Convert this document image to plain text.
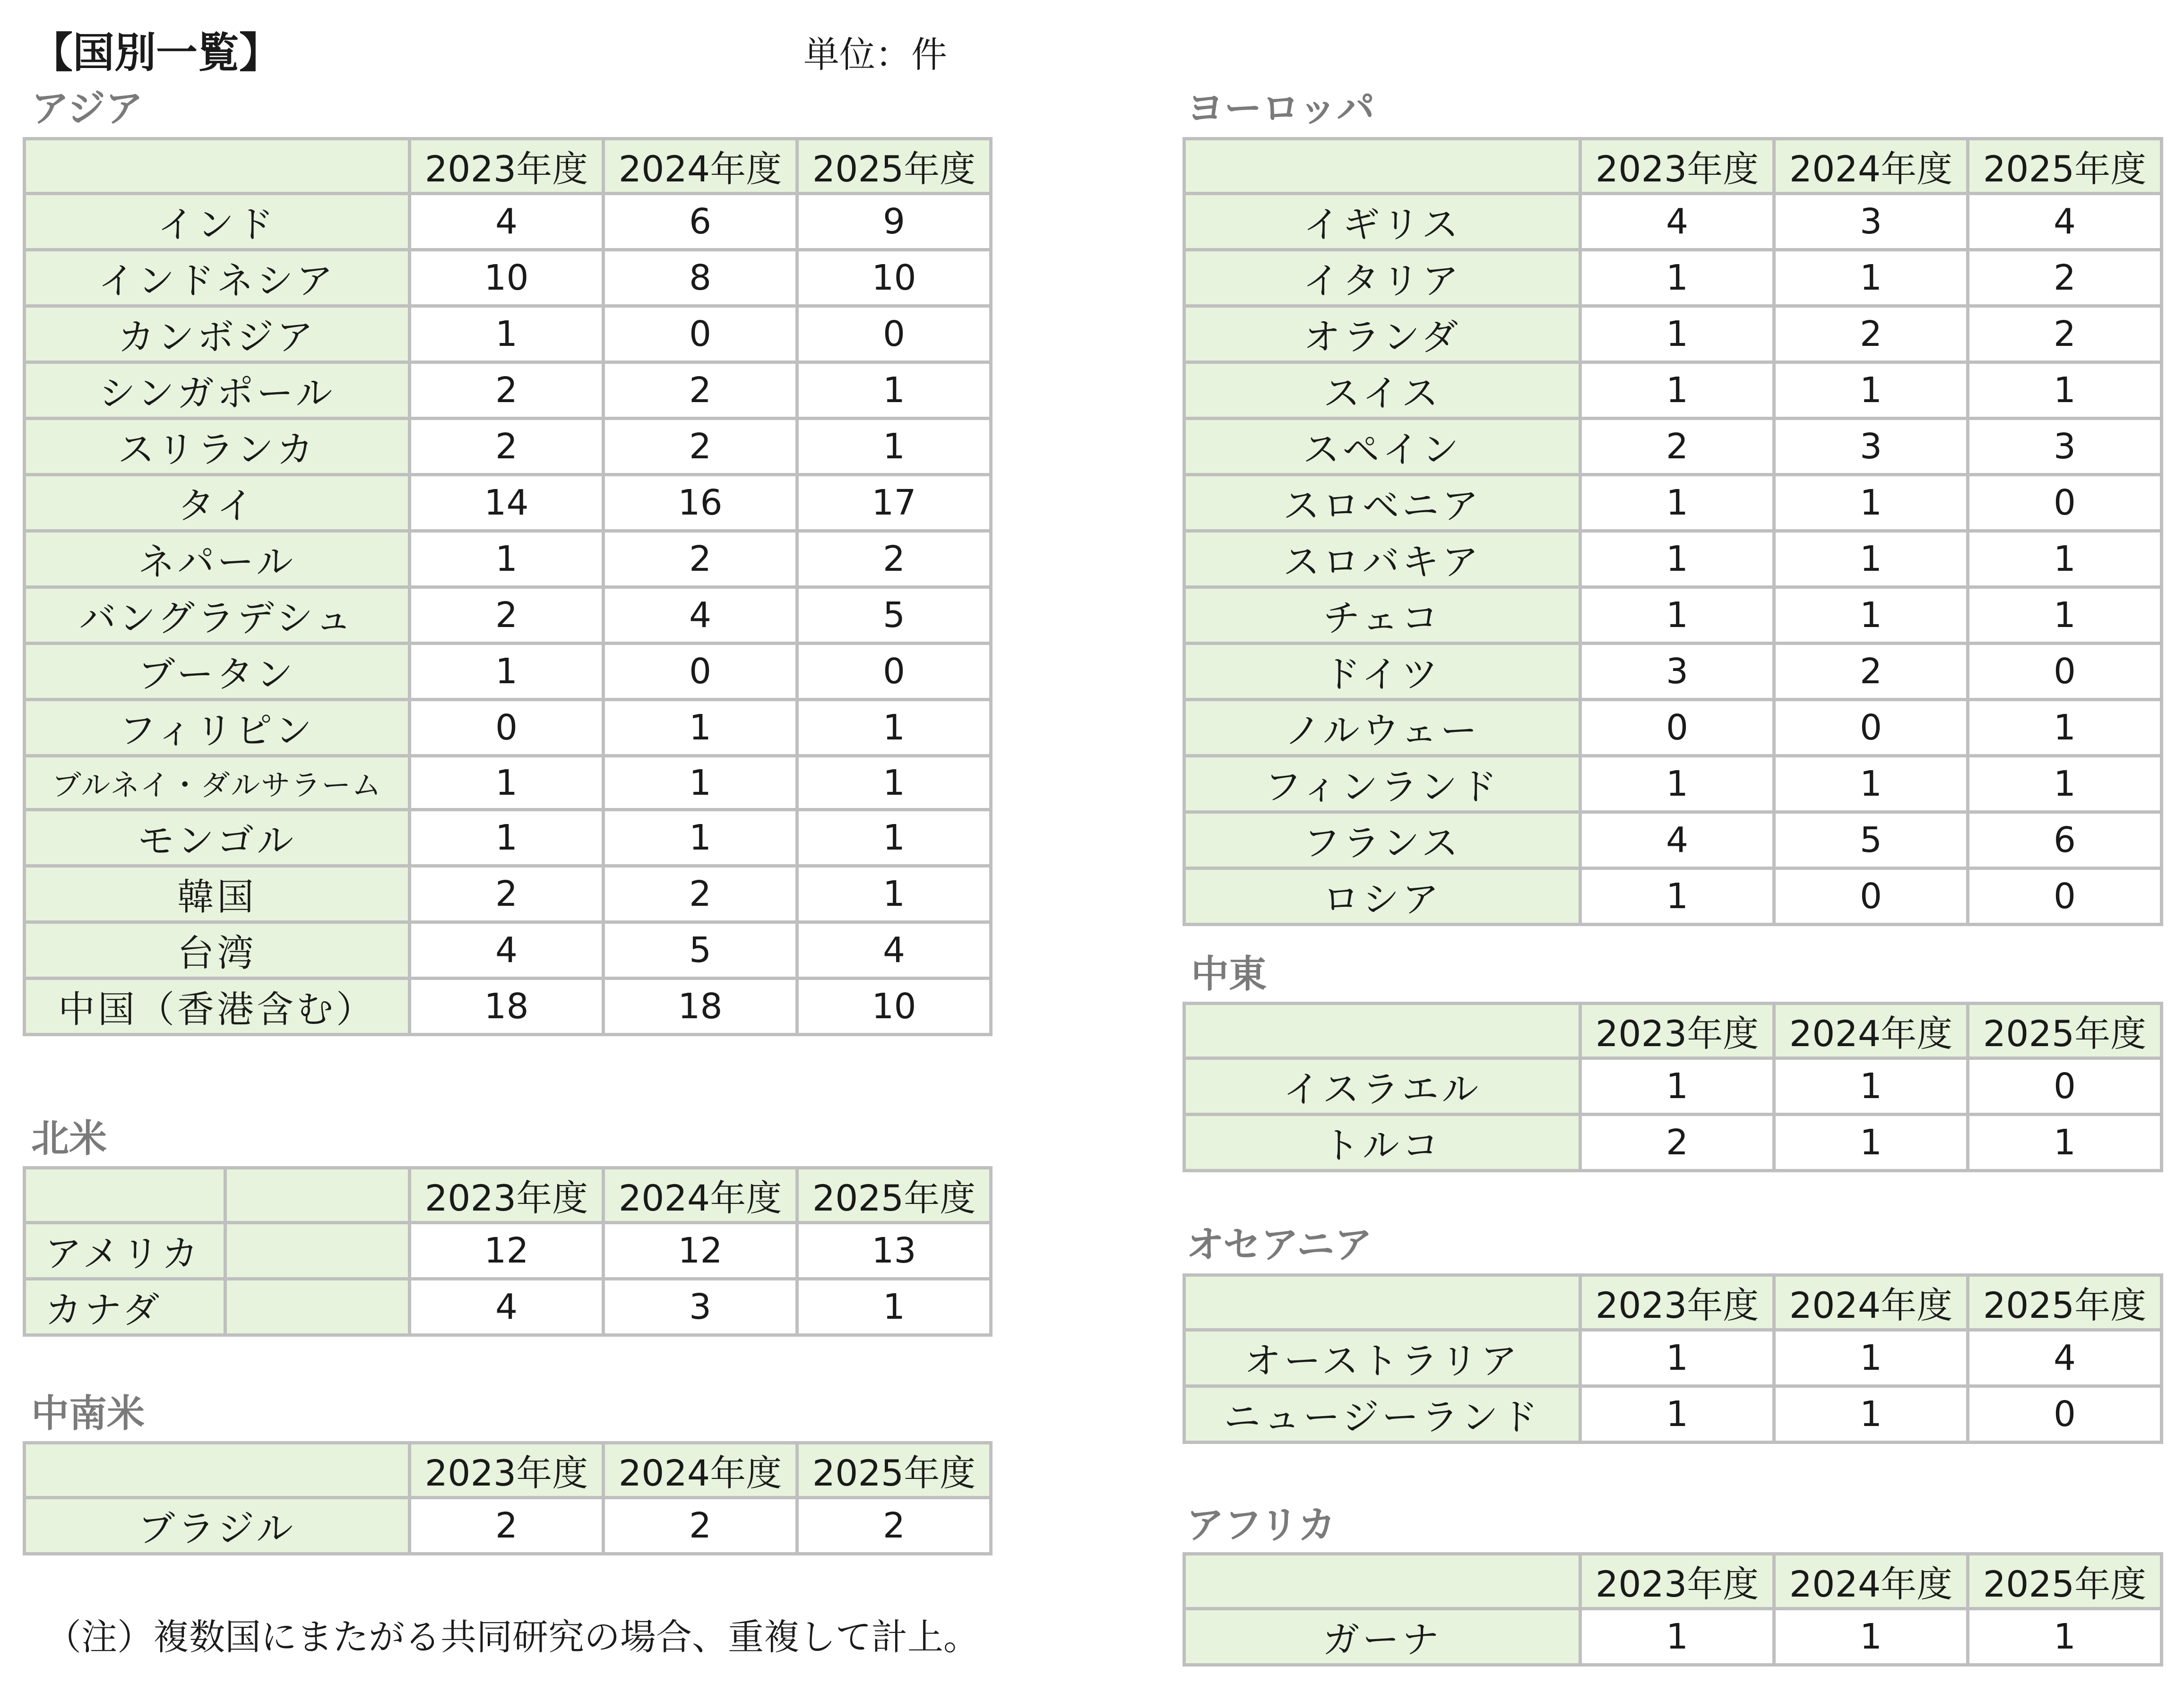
【国別一覧】	単位：件
アジア
	2023年度	2024年度	2025年度
インド	4	6	9
インドネシア	10	8	10
カンボジア	1	0	0
シンガポール	2	2	1
スリランカ	2	2	1
タイ	14	16	17
ネパール	1	2	2
バングラデシュ	2	4	5
ブータン	1	0	0
フィリピン	0	1	1
ブルネイ・ダルサラーム	1	1	1
モンゴル	1	1	1
韓国	2	2	1
台湾	4	5	4
中国（香港含む）	18	18	10
北米
		2023年度	2024年度	2025年度
アメリカ		12	12	13
カナダ		4	3	1
中南米
	2023年度	2024年度	2025年度
ブラジル	2	2	2
ヨーロッパ
	2023年度	2024年度	2025年度
イギリス	4	3	4
イタリア	1	1	2
オランダ	1	2	2
スイス	1	1	1
スペイン	2	3	3
スロベニア	1	1	0
スロバキア	1	1	1
チェコ	1	1	1
ドイツ	3	2	0
ノルウェー	0	0	1
フィンランド	1	1	1
フランス	4	5	6
ロシア	1	0	0
中東
	2023年度	2024年度	2025年度
イスラエル	1	1	0
トルコ	2	1	1
オセアニア
	2023年度	2024年度	2025年度
オーストラリア	1	1	4
ニュージーランド	1	1	0
アフリカ
	2023年度	2024年度	2025年度
ガーナ	1	1	1
（注）複数国にまたがる共同研究の場合、重複して計上。
